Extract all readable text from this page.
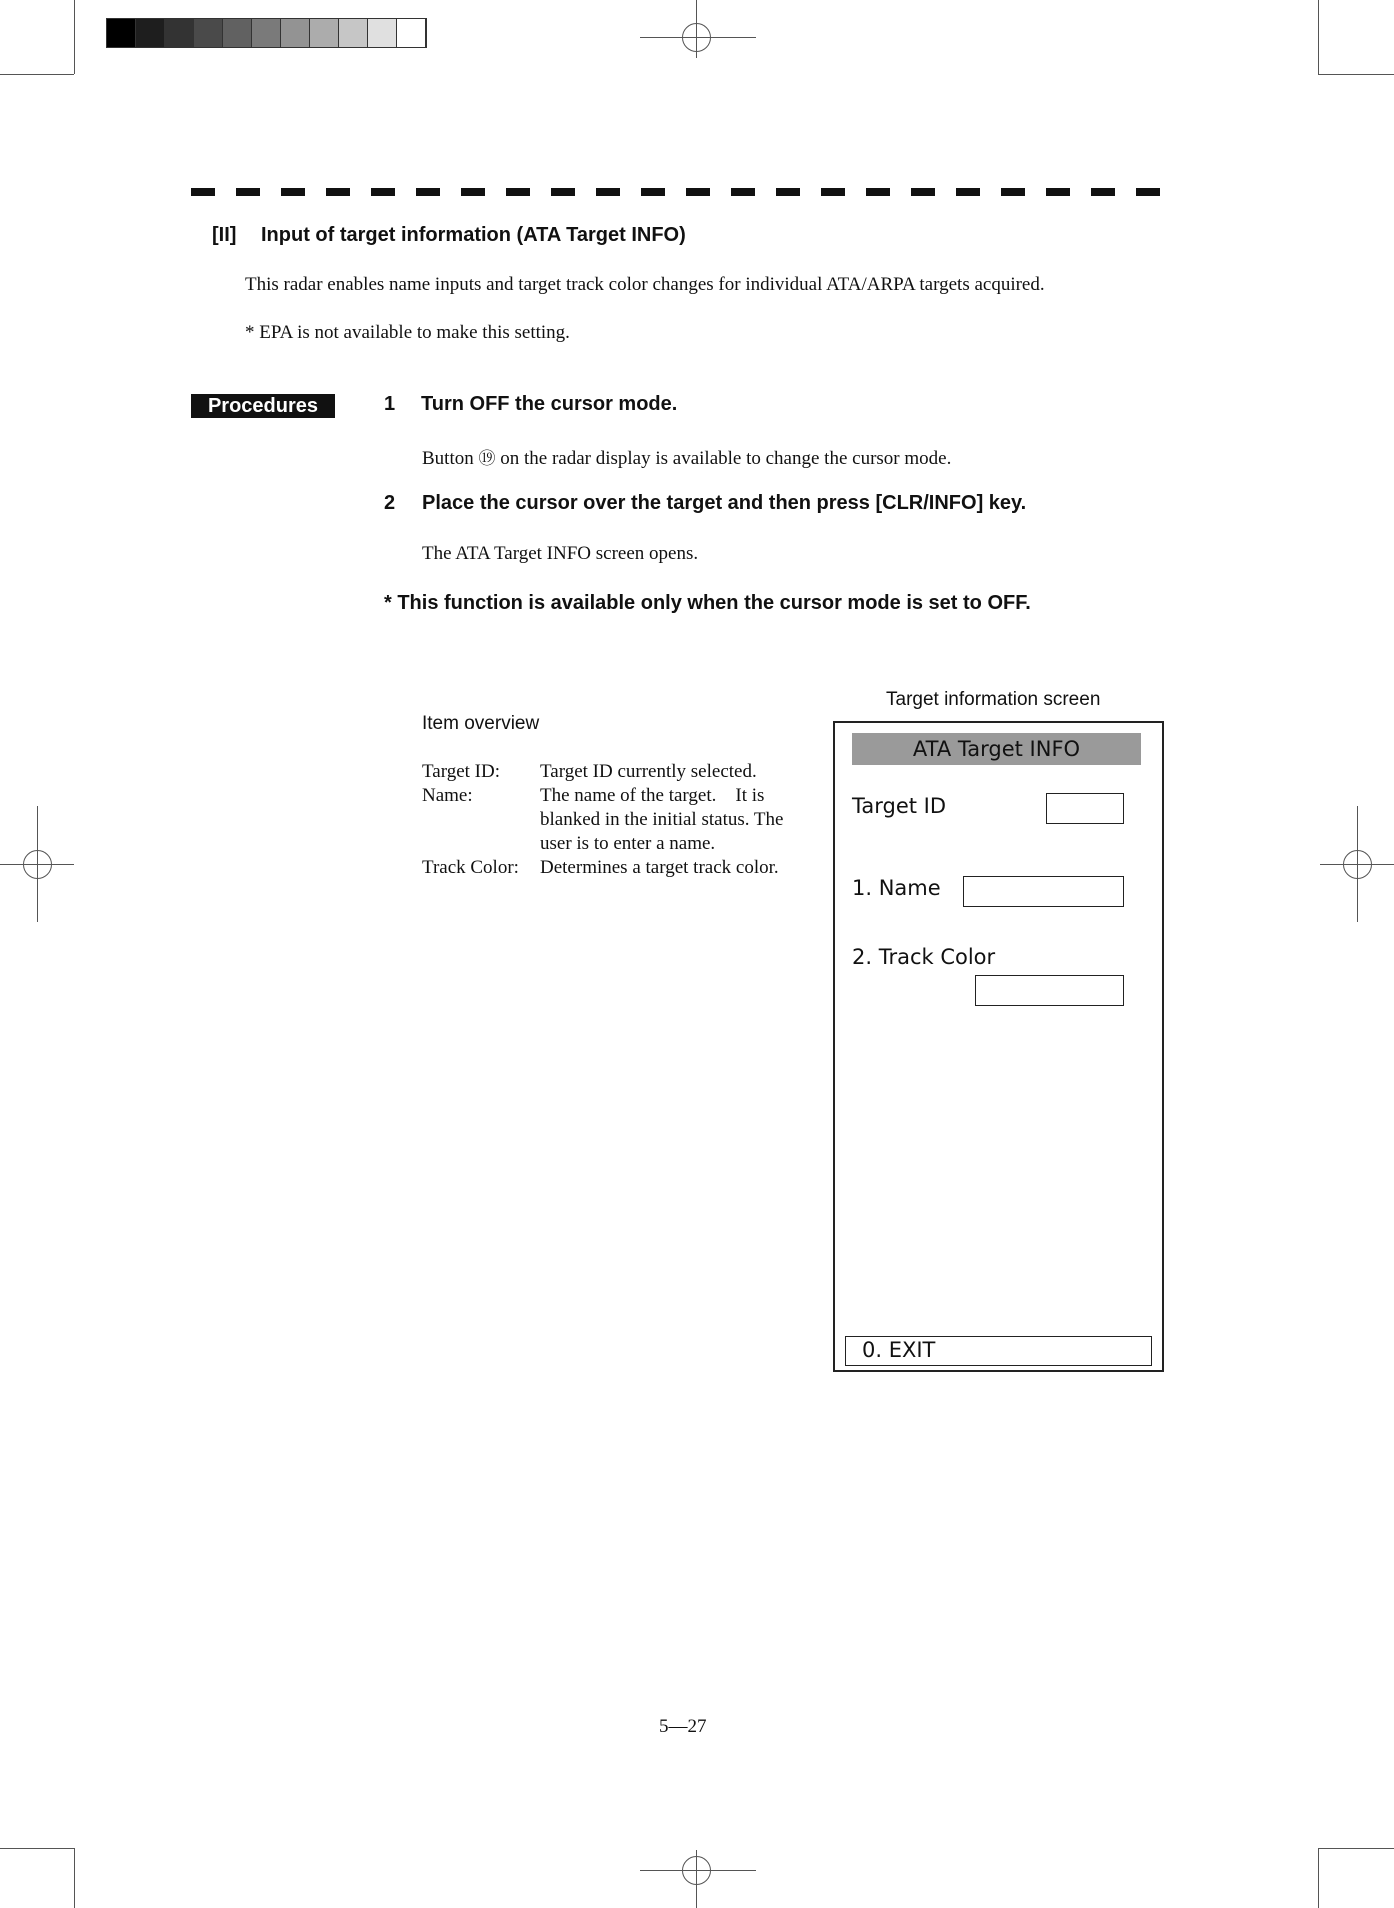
[II] Input of target information (ATA Target INFO)
This radar enables name inputs and target track color changes for individual ATA/ARPA targets acquired.
* EPA is not available to make this setting.
Procedures	1 Turn OFF the cursor mode.
Button ⑲ on the radar display is available to change the cursor mode.
2 Place the cursor over the target and then press [CLR/INFO] key.
The ATA Target INFO screen opens.
* This function is available only when the cursor mode is set to OFF.
Item overview
Target ID: Target ID currently selected.
Name:	The name of the target.　It is
blanked in the initial status. The
user is to enter a name.
Track Color: Determines a target track color.
Target information screen
ATA Target INFO
Target ID
1. Name
2. Track Color
0. EXIT
5―27
